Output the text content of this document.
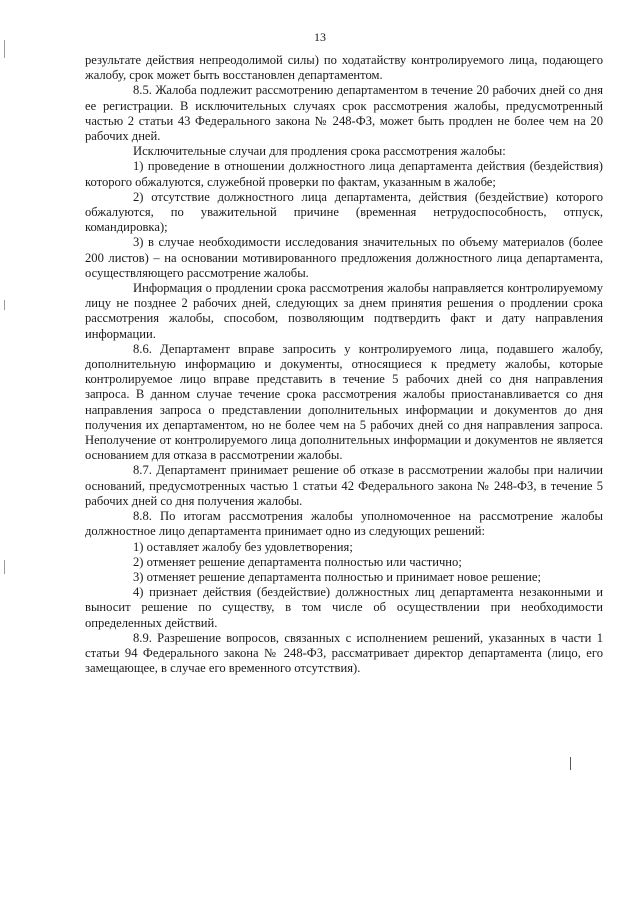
13

результате действия непреодолимой силы) по ходатайству контролируемого лица, подающего жалобу, срок может быть восстановлен департаментом.

8.5. Жалоба подлежит рассмотрению департаментом в течение 20 рабочих дней со дня ее регистрации. В исключительных случаях срок рассмотрения жалобы, предусмотренный частью 2 статьи 43 Федерального закона № 248-ФЗ, может быть продлен не более чем на 20 рабочих дней.

Исключительные случаи для продления срока рассмотрения жалобы:

1) проведение в отношении должностного лица департамента действия (бездействия) которого обжалуются, служебной проверки по фактам, указанным в жалобе;

2) отсутствие должностного лица департамента, действия (бездействие) которого обжалуются, по уважительной причине (временная нетрудоспособность, отпуск, командировка);

3) в случае необходимости исследования значительных по объему материалов (более 200 листов) – на основании мотивированного предложения должностного лица департамента, осуществляющего рассмотрение жалобы.

Информация о продлении срока рассмотрения жалобы направляется контролируемому лицу не позднее 2 рабочих дней, следующих за днем принятия решения о продлении срока рассмотрения жалобы, способом, позволяющим подтвердить факт и дату направления информации.

8.6. Департамент вправе запросить у контролируемого лица, подавшего жалобу, дополнительную информацию и документы, относящиеся к предмету жалобы, которые контролируемое лицо вправе представить в течение 5 рабочих дней со дня направления запроса. В данном случае течение срока рассмотрения жалобы приостанавливается со дня направления запроса о представлении дополнительных информации и документов до дня получения их департаментом, но не более чем на 5 рабочих дней со дня направления запроса. Неполучение от контролируемого лица дополнительных информации и документов не является основанием для отказа в рассмотрении жалобы.

8.7. Департамент принимает решение об отказе в рассмотрении жалобы при наличии оснований, предусмотренных частью 1 статьи 42 Федерального закона № 248-ФЗ, в течение 5 рабочих дней со дня получения жалобы.

8.8. По итогам рассмотрения жалобы уполномоченное на рассмотрение жалобы должностное лицо департамента принимает одно из следующих решений:

1) оставляет жалобу без удовлетворения;

2) отменяет решение департамента полностью или частично;

3) отменяет решение департамента полностью и принимает новое решение;

4) признает действия (бездействие) должностных лиц департамента незаконными и выносит решение по существу, в том числе об осуществлении при необходимости определенных действий.

8.9. Разрешение вопросов, связанных с исполнением решений, указанных в части 1 статьи 94 Федерального закона № 248-ФЗ, рассматривает директор департамента (лицо, его замещающее, в случае его временного отсутствия).
